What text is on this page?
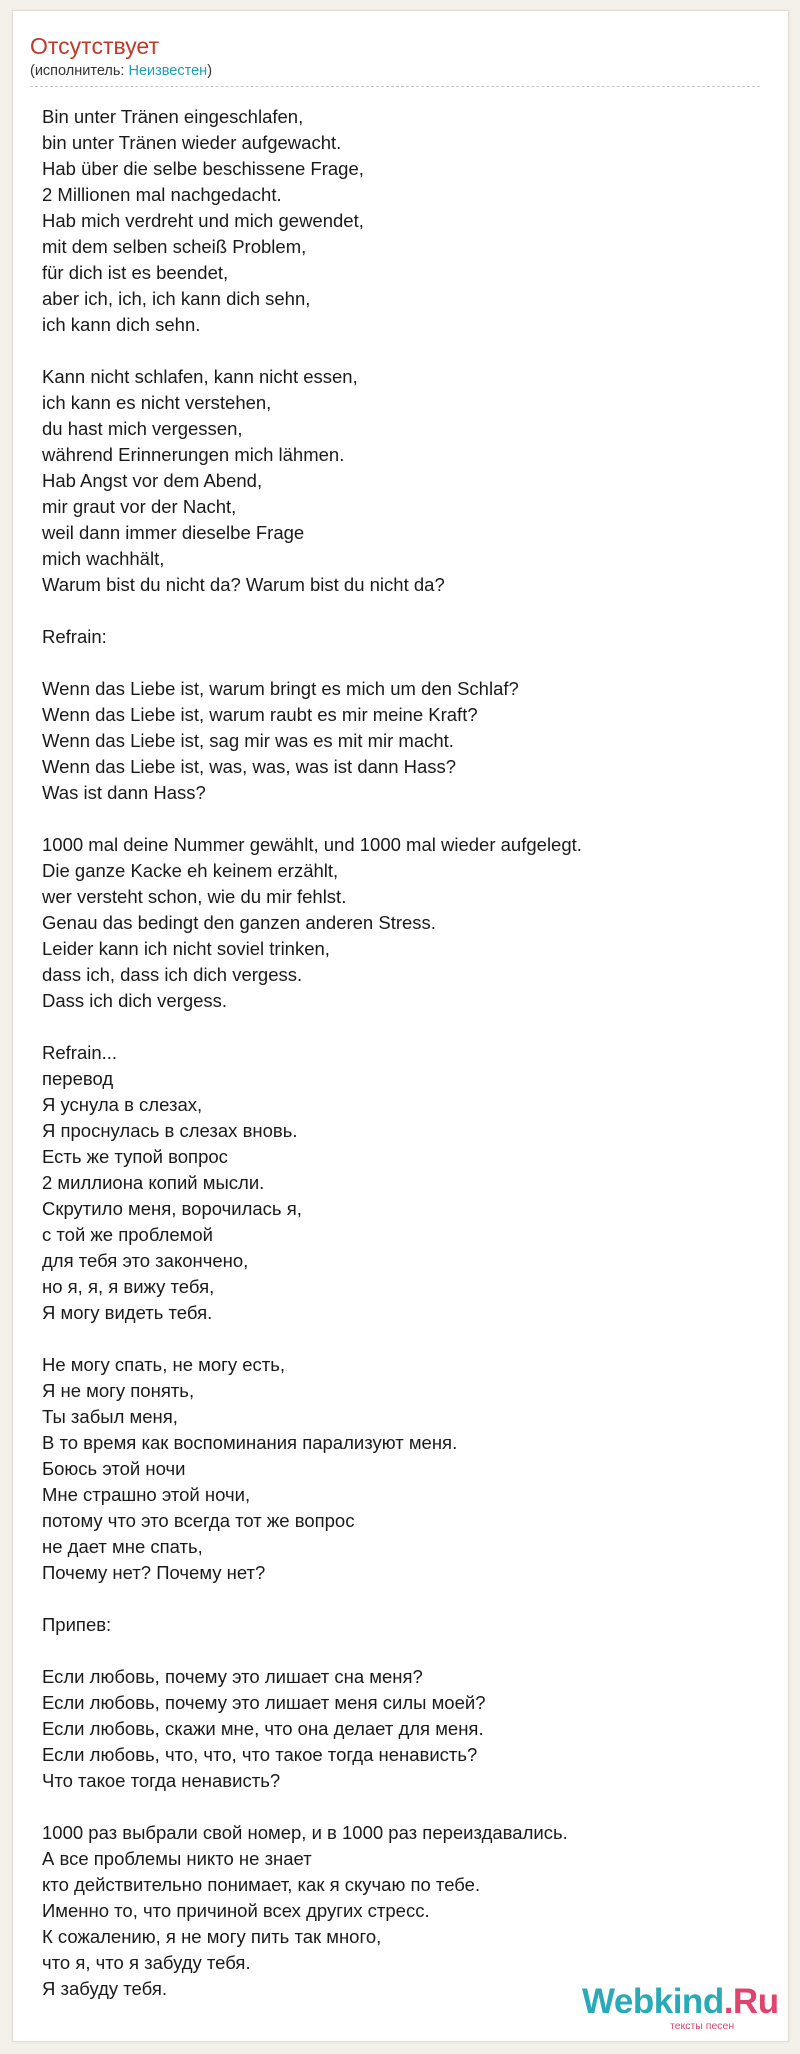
Отсутствует
(исполнитель: Неизвестен)
Bin unter Tränen eingeschlafen,
bin unter Tränen wieder aufgewacht.
Hab über die selbe beschissene Frage,
2 Millionen mal nachgedacht.
Hab mich verdreht und mich gewendet,
mit dem selben scheiß Problem,
für dich ist es beendet,
aber ich, ich, ich kann dich sehn,
ich kann dich sehn.
Kann nicht schlafen, kann nicht essen,
ich kann es nicht verstehen,
du hast mich vergessen,
während Erinnerungen mich lähmen.
Hab Angst vor dem Abend,
mir graut vor der Nacht,
weil dann immer dieselbe Frage
mich wachhält,
Warum bist du nicht da? Warum bist du nicht da?
Refrain:
Wenn das Liebe ist, warum bringt es mich um den Schlaf?
Wenn das Liebe ist, warum raubt es mir meine Kraft?
Wenn das Liebe ist, sag mir was es mit mir macht.
Wenn das Liebe ist, was, was, was ist dann Hass?
Was ist dann Hass?
1000 mal deine Nummer gewählt, und 1000 mal wieder aufgelegt.
Die ganze Kacke eh keinem erzählt,
wer versteht schon, wie du mir fehlst.
Genau das bedingt den ganzen anderen Stress.
Leider kann ich nicht soviel trinken,
dass ich, dass ich dich vergess.
Dass ich dich vergess.
Refrain...
перевод
Я уснула в слезах,
Я проснулась в слезах вновь.
Есть же тупой вопрос
2 миллиона копий мысли.
Скрутило меня, ворочилась я,
с той же проблемой
для тебя это закончено,
но я, я, я вижу тебя,
Я могу видеть тебя.
Не могу спать, не могу есть,
Я не могу понять,
Ты забыл меня,
В то время как воспоминания парализуют меня.
Боюсь этой ночи
Мне страшно этой ночи,
потому что это всегда тот же вопрос
не дает мне спать,
Почему нет? Почему нет?
Припев:
Если любовь, почему это лишает сна меня?
Если любовь, почему это лишает меня силы моей?
Если любовь, скажи мне, что она делает для меня.
Если любовь, что, что, что такое тогда ненависть?
Что такое тогда ненависть?
1000 раз выбрали свой номер, и в 1000 раз переиздавались.
А все проблемы никто не знает
кто действительно понимает, как я скучаю по тебе.
Именно то, что причиной всех других стресс.
К сожалению, я не могу пить так много,
что я, что я забуду тебя.
Я забуду тебя.	Webkind.Ru
тексты песен
